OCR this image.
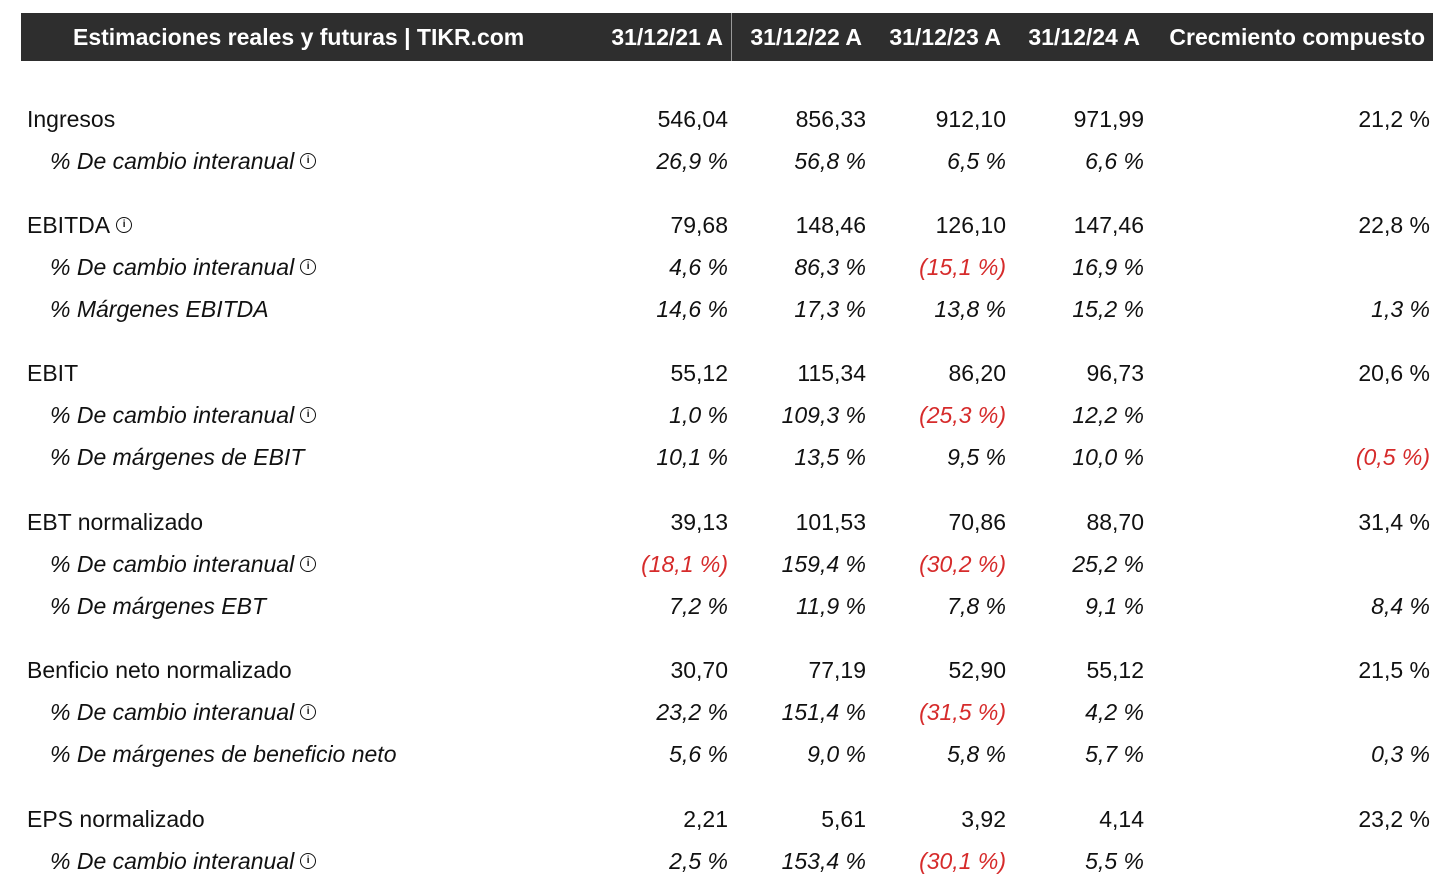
Estimaciones reales y futuras | TIKR.com	31/12/21 A	31/12/22 A	31/12/23 A	31/12/24 A	Crecmiento compuesto
Ingresos	546,04	856,33	912,10	971,99	21,2 %
% De cambio interanual i	26,9 %	56,8 %	6,5 %	6,6 %
EBITDA i	79,68	148,46	126,10	147,46	22,8 %
% De cambio interanual i	4,6 %	86,3 %	(15,1 %)	16,9 %
% Márgenes EBITDA	14,6 %	17,3 %	13,8 %	15,2 %	1,3 %
EBIT	55,12	115,34	86,20	96,73	20,6 %
% De cambio interanual i	1,0 %	109,3 %	(25,3 %)	12,2 %
% De márgenes de EBIT	10,1 %	13,5 %	9,5 %	10,0 %	(0,5 %)
EBT normalizado	39,13	101,53	70,86	88,70	31,4 %
% De cambio interanual i	(18,1 %)	159,4 %	(30,2 %)	25,2 %
% De márgenes EBT	7,2 %	11,9 %	7,8 %	9,1 %	8,4 %
Benficio neto normalizado	30,70	77,19	52,90	55,12	21,5 %
% De cambio interanual i	23,2 %	151,4 %	(31,5 %)	4,2 %
% De márgenes de beneficio neto	5,6 %	9,0 %	5,8 %	5,7 %	0,3 %
EPS normalizado	2,21	5,61	3,92	4,14	23,2 %
% De cambio interanual i	2,5 %	153,4 %	(30,1 %)	5,5 %
